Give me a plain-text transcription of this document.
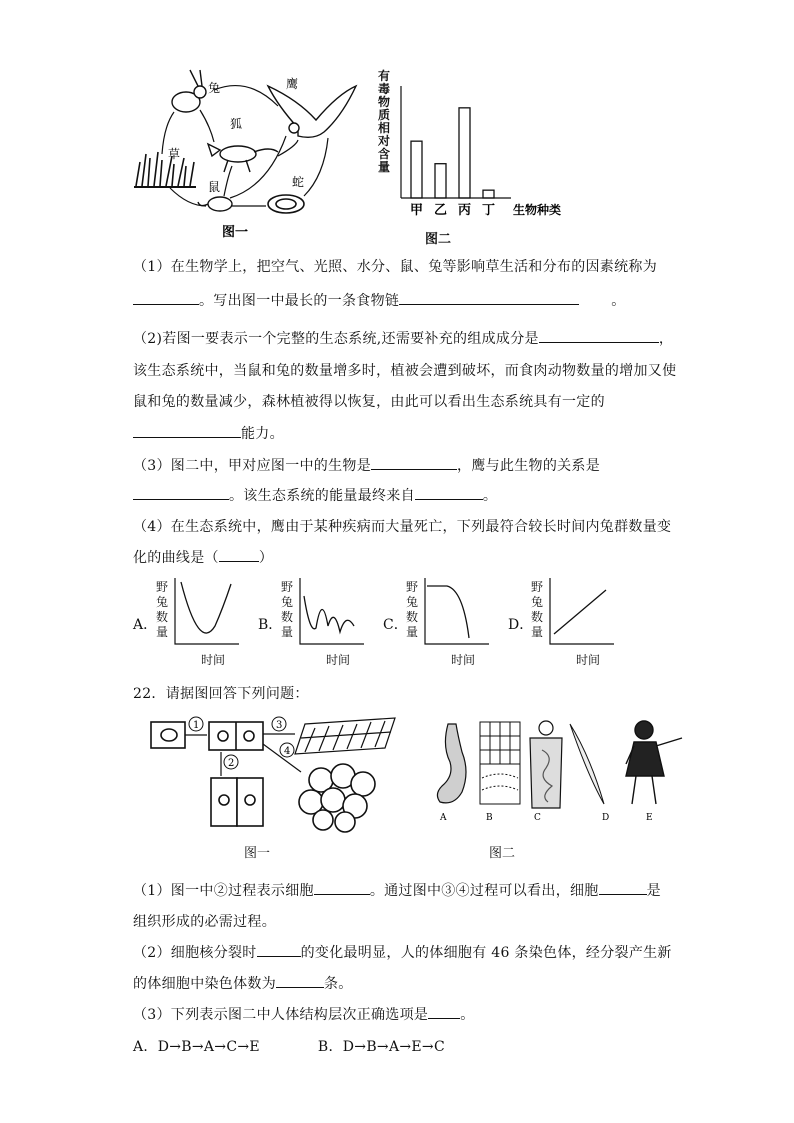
草
兔
狐
鹰
鼠	蛇
图一
有
毒
物
质
相
对
含
量
甲 乙 丙 丁 生物种类
图二
（1）在生物学上，把空气、光照、水分、鼠、兔等影响草生活和分布的因素统称为
。写出图一中最长的一条食物链	。
（2)若图一要表示一个完整的生态系统,还需要补充的组成成分是	，
该生态系统中，当鼠和兔的数量增多时，植被会遭到破坏，而食肉动物数量的增加又使
鼠和兔的数量减少，森林植被得以恢复，由此可以看出生态系统具有一定的
能力。
（3）图二中，甲对应图一中的生物是	，鹰与此生物的关系是
。该生态系统的能量最终来自	。
（4）在生态系统中，鹰由于某种疾病而大量死亡，下列最符合较长时间内兔群数量变
化的曲线是（	）
A．
野
兔
数
量
时间
B．
野
兔
数
量
时间
C．
野
兔
数
量
时间
D．
野
兔
数
量
时间
22．请据图回答下列问题：
1
2
3
4
图一
A	B	C	D	E
图二
（1）图一中②过程表示细胞	。通过图中③④过程可以看出，细胞	是
组织形成的必需过程。
（2）细胞核分裂时	的变化最明显，人的体细胞有 46 条染色体，经分裂产生新
的体细胞中染色体数为	条。
（3）下列表示图二中人体结构层次正确选项是 。
A．D→B→A→C→E	B．D→B→A→E→C
